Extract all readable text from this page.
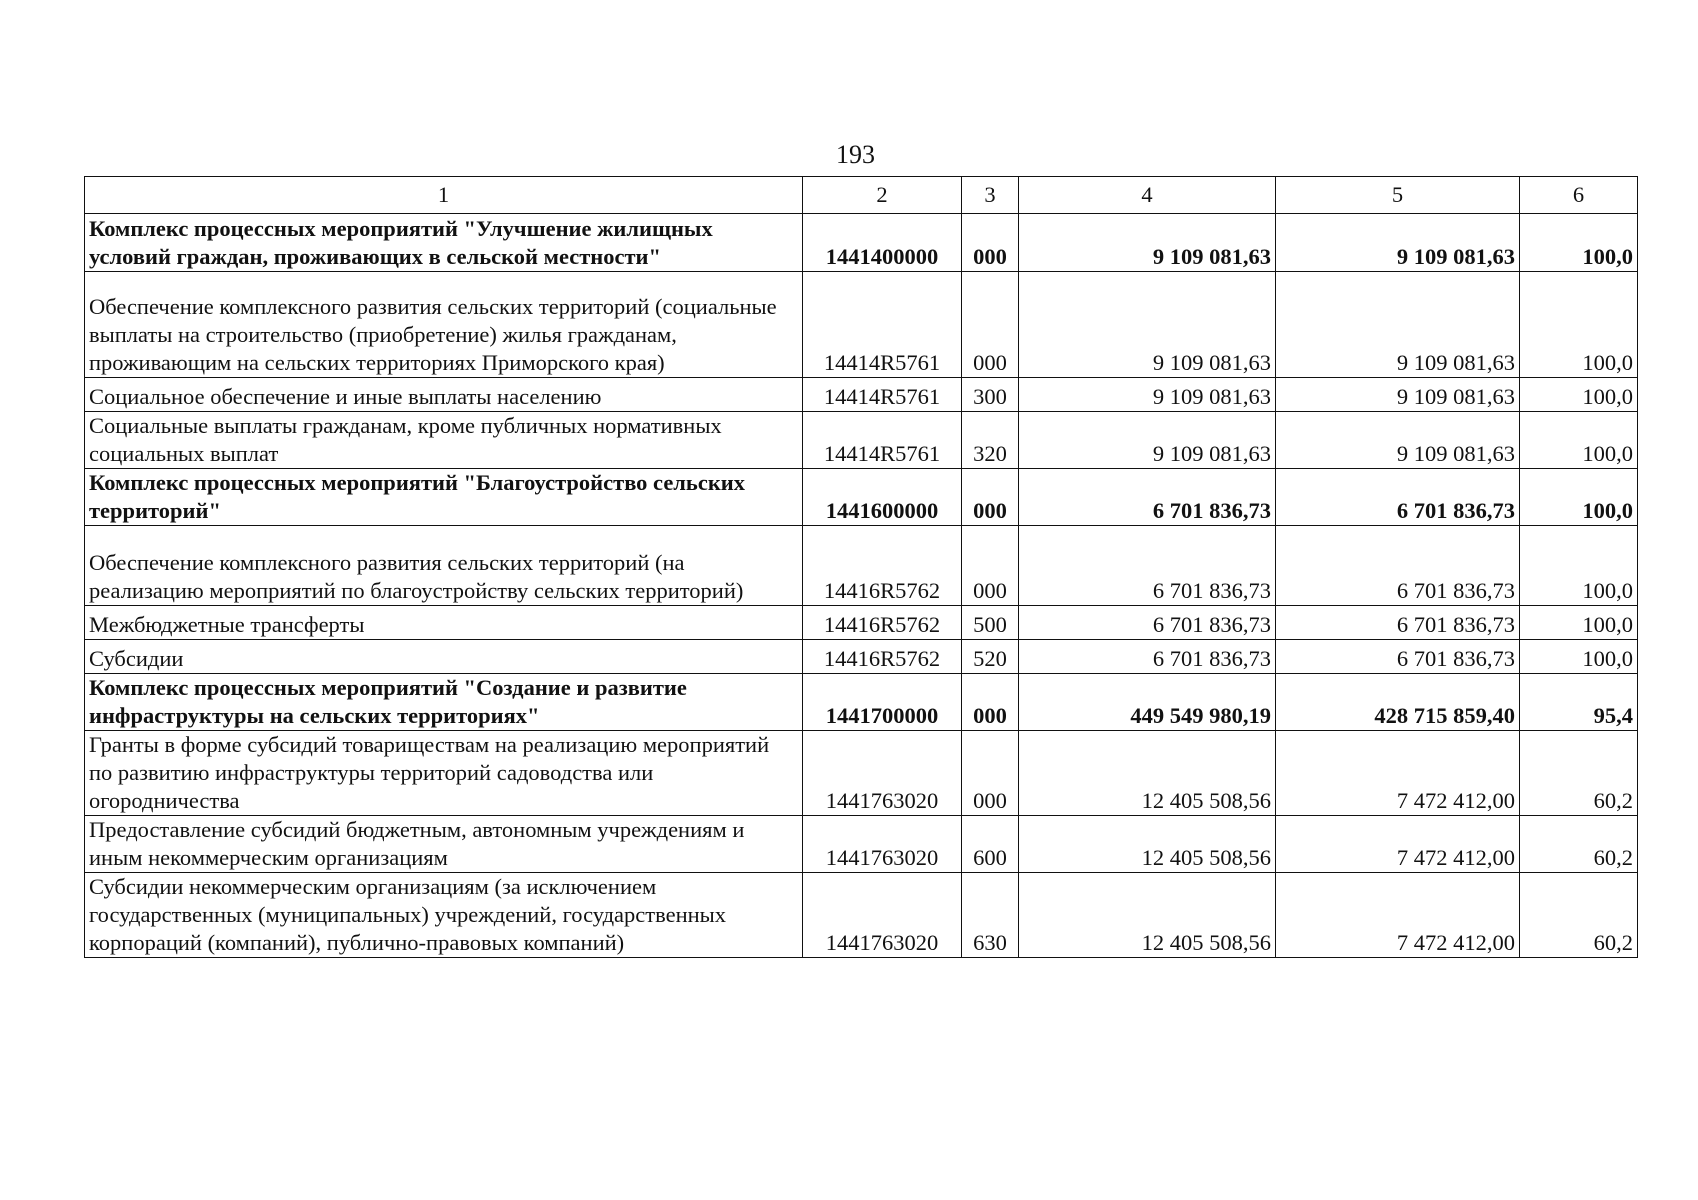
193
1	2	3	4	5	6
Комплекс процессных мероприятий "Улучшение жилищных условий граждан, проживающих в сельской местности"	1441400000	000	9 109 081,63	9 109 081,63	100,0
Обеспечение комплексного развития сельских территорий (социальные выплаты на строительство (приобретение) жилья гражданам, проживающим на сельских территориях Приморского края)	14414R5761	000	9 109 081,63	9 109 081,63	100,0
Социальное обеспечение и иные выплаты населению	14414R5761	300	9 109 081,63	9 109 081,63	100,0
Социальные выплаты гражданам, кроме публичных нормативных социальных выплат	14414R5761	320	9 109 081,63	9 109 081,63	100,0
Комплекс процессных мероприятий "Благоустройство сельских территорий"	1441600000	000	6 701 836,73	6 701 836,73	100,0
Обеспечение комплексного развития сельских территорий (на реализацию мероприятий по благоустройству сельских территорий)	14416R5762	000	6 701 836,73	6 701 836,73	100,0
Межбюджетные трансферты	14416R5762	500	6 701 836,73	6 701 836,73	100,0
Субсидии	14416R5762	520	6 701 836,73	6 701 836,73	100,0
Комплекс процессных мероприятий "Создание и развитие инфраструктуры на сельских территориях"	1441700000	000	449 549 980,19	428 715 859,40	95,4
Гранты в форме субсидий товариществам на реализацию мероприятий по развитию инфраструктуры территорий садоводства или огородничества	1441763020	000	12 405 508,56	7 472 412,00	60,2
Предоставление субсидий бюджетным, автономным учреждениям и иным некоммерческим организациям	1441763020	600	12 405 508,56	7 472 412,00	60,2
Субсидии некоммерческим организациям (за исключением государственных (муниципальных) учреждений, государственных корпораций (компаний), публично-правовых компаний)	1441763020	630	12 405 508,56	7 472 412,00	60,2
